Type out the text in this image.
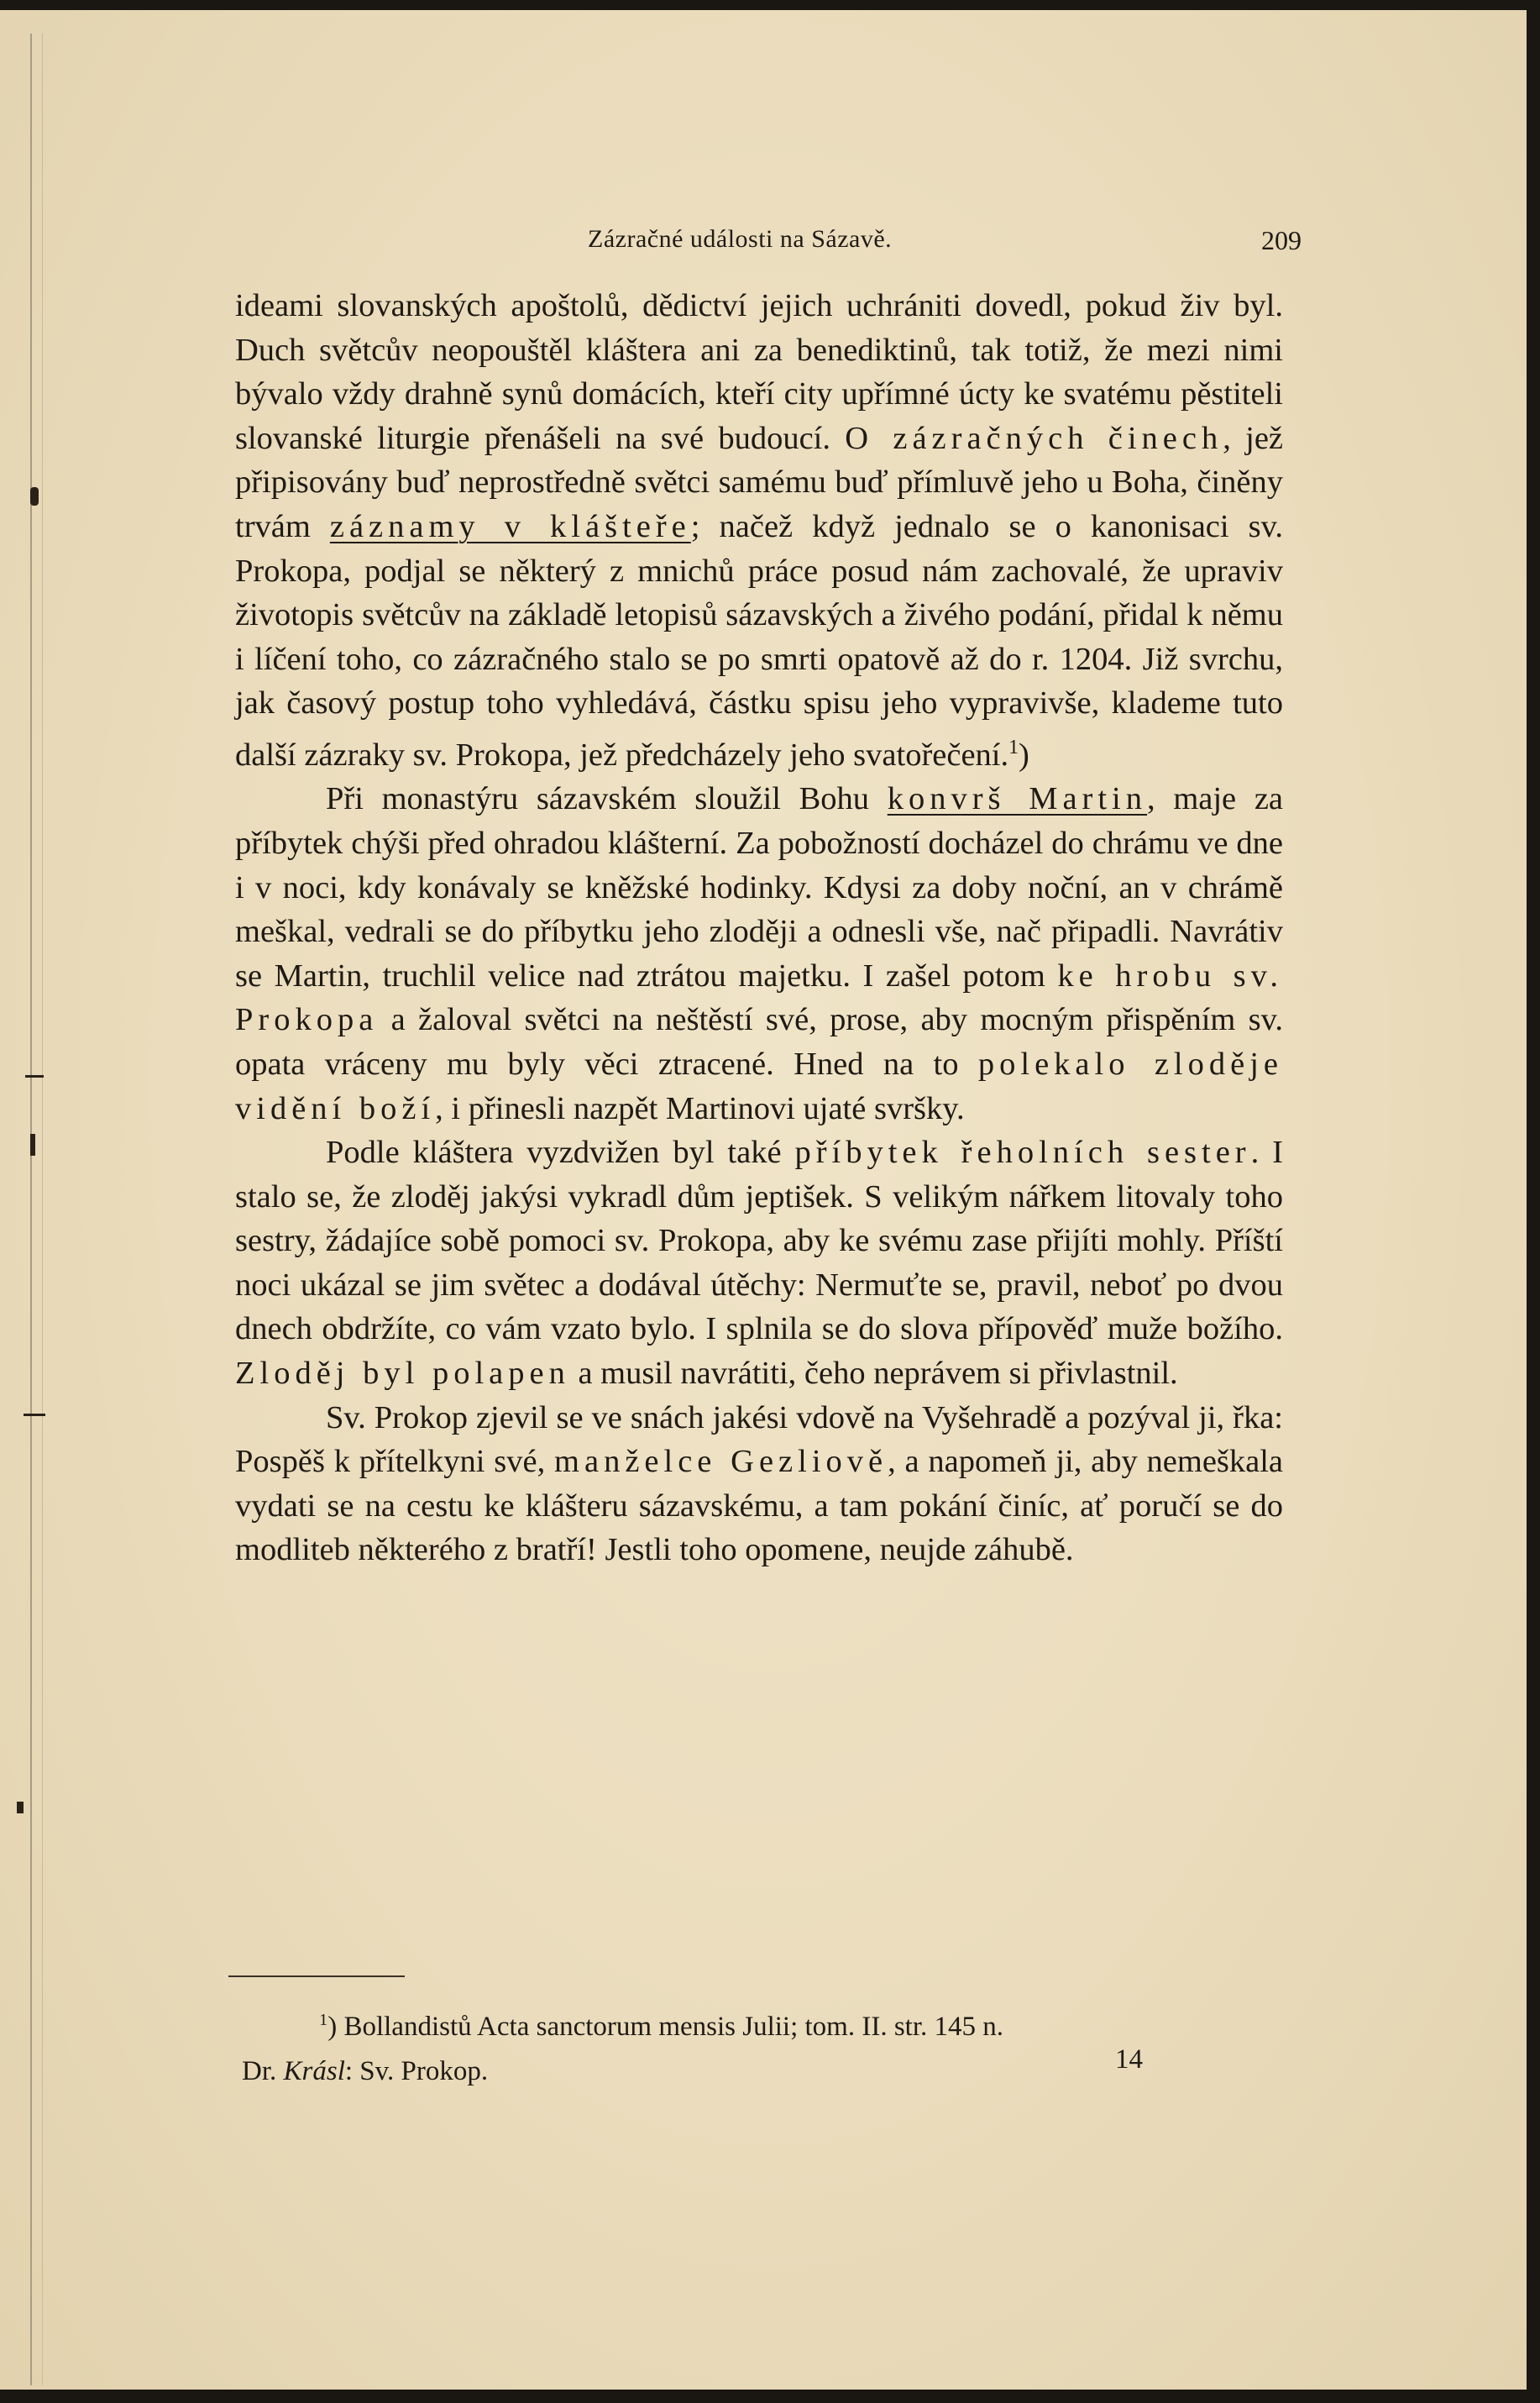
Zázračné události na Sázavě.	209

ideami slovanských apoštolů, dědictví jejich uchrániti dovedl, pokud živ byl. Duch světcův neopouštěl kláštera ani za benediktinů, tak totiž, že mezi nimi bývalo vždy drahně synů domácích, kteří city upřímné úcty ke svatému pěstiteli slovanské liturgie přenášeli na své budoucí. O zázračných činech, jež připisovány buď neprostředně světci samému buď přímluvě jeho u Boha, činěny trvám záznamy v klášteře; načež když jednalo se o kanonisaci sv. Prokopa, podjal se některý z mnichů práce posud nám zachovalé, že upraviv životopis světcův na základě letopisů sázavských a živého podání, přidal k němu i líčení toho, co zázračného stalo se po smrti opatově až do r. 1204. Již svrchu, jak časový postup toho vyhledává, částku spisu jeho vypravivše, klademe tuto další zázraky sv. Prokopa, jež předcházely jeho svatořečení.$^1$)

Při monastýru sázavském sloužil Bohu konvrš Martin, maje za příbytek chýši před ohradou klášterní. Za pobožností docházel do chrámu ve dne i v noci, kdy konávaly se kněžské hodinky. Kdysi za doby noční, an v chrámě meškal, vedrali se do příbytku jeho zloději a odnesli vše, nač připadli. Navrátiv se Martin, truchlil velice nad ztrátou majetku. I zašel potom ke hrobu sv. Prokopa a žaloval světci na neštěstí své, prose, aby mocným přispěním sv. opata vráceny mu byly věci ztracené. Hned na to polekalo zloděje vidění boží, i přinesli nazpět Martinovi ujaté svršky.

Podle kláštera vyzdvižen byl také příbytek řeholních sester. I stalo se, že zloděj jakýsi vykradl dům jeptišek. S velikým nářkem litovaly toho sestry, žádajíce sobě pomoci sv. Prokopa, aby ke svému zase přijíti mohly. Příští noci ukázal se jim světec a dodával útěchy: Nermuťte se, pravil, neboť po dvou dnech obdržíte, co vám vzato bylo. I splnila se do slova přípověď muže božího. Zloděj byl polapen a musil navrátiti, čeho neprávem si přivlastnil.

Sv. Prokop zjevil se ve snách jakési vdově na Vyšehradě a pozýval ji, řka: Pospěš k přítelkyni své, manželce Gezliově, a napomeň ji, aby nemeškala vydati se na cestu ke klášteru sázavskému, a tam pokání činíc, ať poručí se do modliteb některého z bratří! Jestli toho opomene, neujde záhubě.

$^1$) Bollandistů Acta sanctorum mensis Julii; tom. II. str. 145 n.
Dr. Krásl: Sv. Prokop.	14
